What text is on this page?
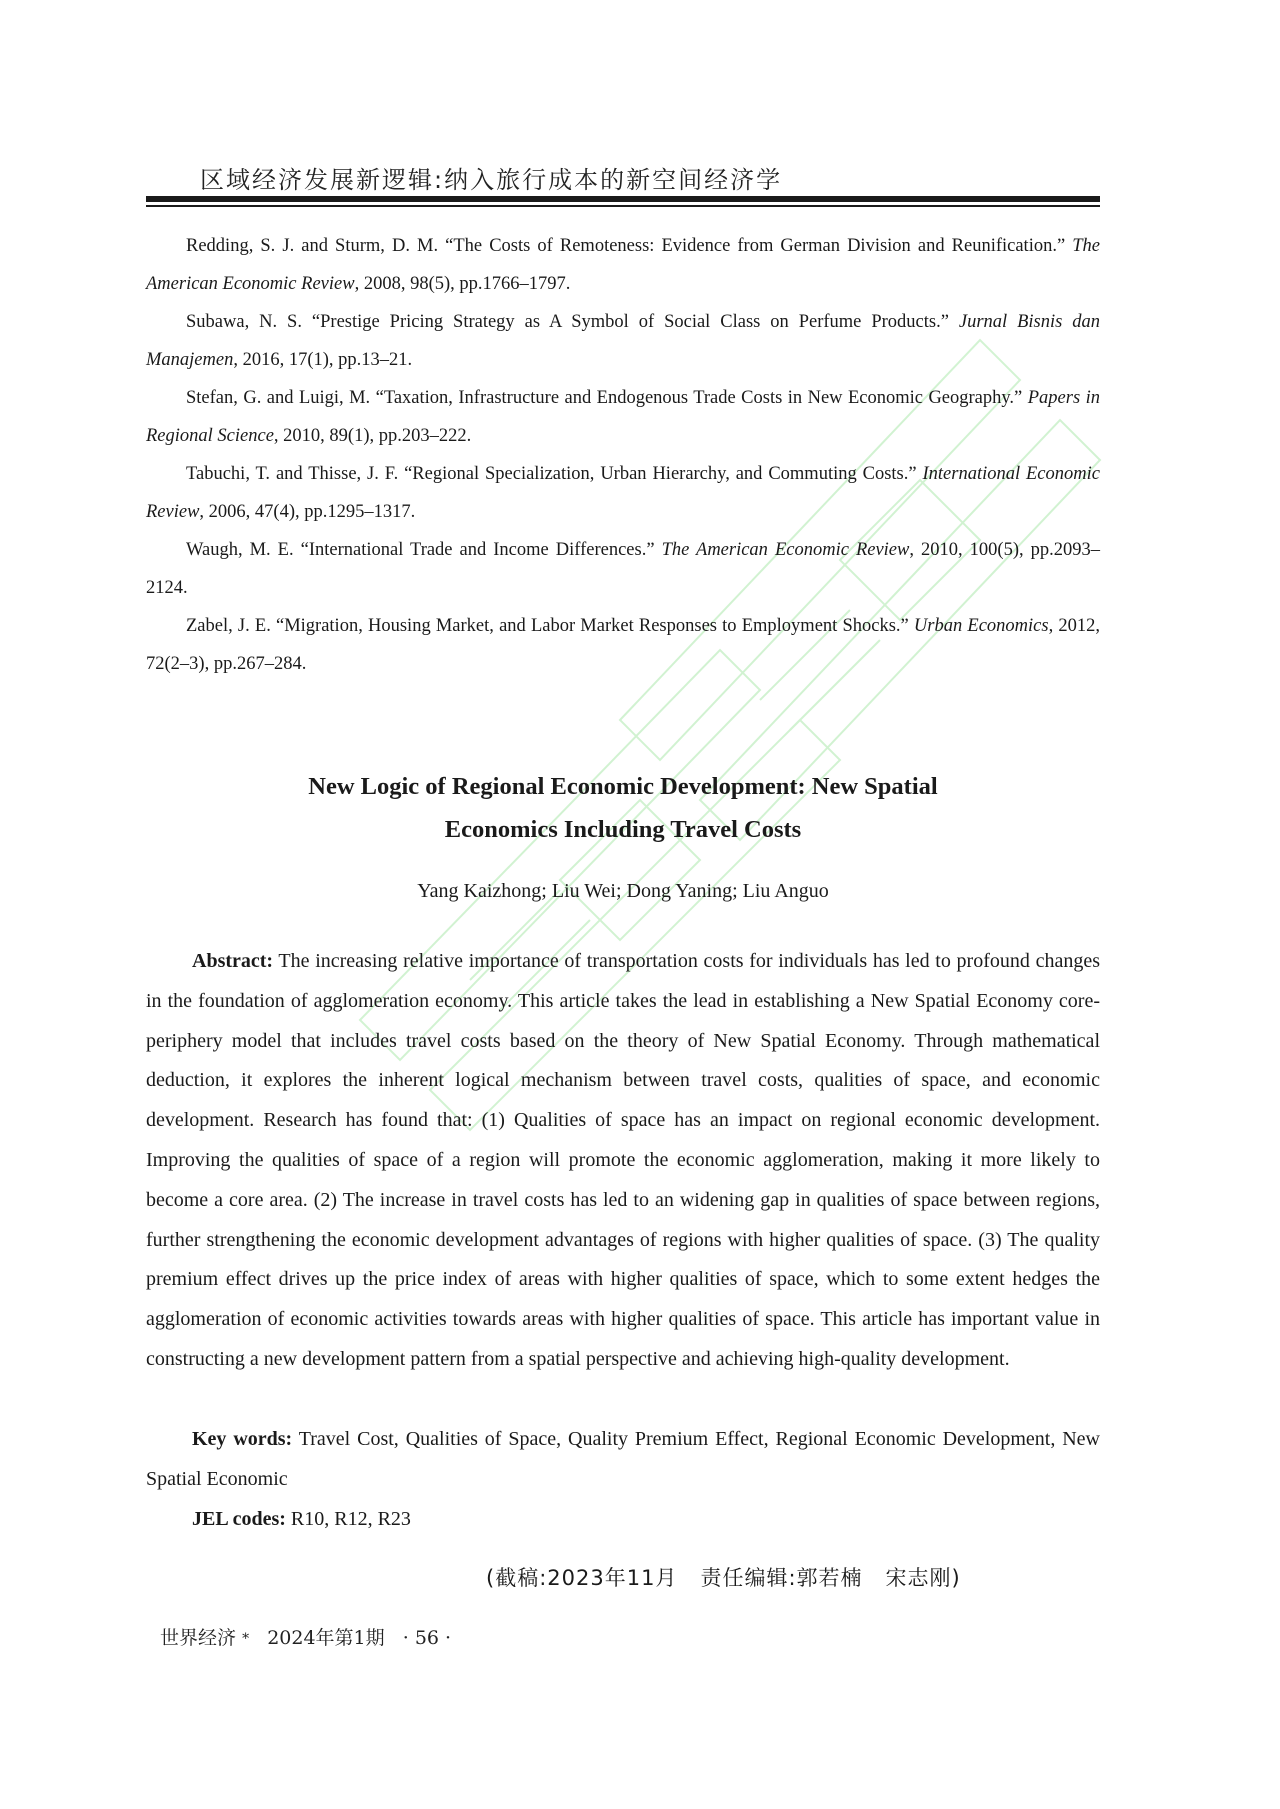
区域经济发展新逻辑:纳入旅行成本的新空间经济学

Redding, S. J. and Sturm, D. M. “The Costs of Remoteness: Evidence from German Division and Reunification.” The American Economic Review, 2008, 98(5), pp.1766–1797.

Subawa, N. S. “Prestige Pricing Strategy as A Symbol of Social Class on Perfume Products.” Jurnal Bisnis dan Manajemen, 2016, 17(1), pp.13–21.

Stefan, G. and Luigi, M. “Taxation, Infrastructure and Endogenous Trade Costs in New Economic Geography.” Papers in Regional Science, 2010, 89(1), pp.203–222.

Tabuchi, T. and Thisse, J. F. “Regional Specialization, Urban Hierarchy, and Commuting Costs.” International Economic Review, 2006, 47(4), pp.1295–1317.

Waugh, M. E. “International Trade and Income Differences.” The American Economic Review, 2010, 100(5), pp.2093–2124.

Zabel, J. E. “Migration, Housing Market, and Labor Market Responses to Employment Shocks.” Urban Economics, 2012, 72(2–3), pp.267–284.

New Logic of Regional Economic Development: New Spatial
Economics Including Travel Costs
Yang Kaizhong; Liu Wei; Dong Yaning; Liu Anguo

Abstract: The increasing relative importance of transportation costs for individuals has led to profound changes in the foundation of agglomeration economy. This article takes the lead in establishing a New Spatial Economy core-periphery model that includes travel costs based on the theory of New Spatial Economy. Through mathematical deduction, it explores the inherent logical mechanism between travel costs, qualities of space, and economic development. Research has found that: (1) Qualities of space has an impact on regional economic development. Improving the qualities of space of a region will promote the economic agglomeration, making it more likely to become a core area. (2) The increase in travel costs has led to an widening gap in qualities of space between regions, further strengthening the economic development advantages of regions with higher qualities of space. (3) The quality premium effect drives up the price index of areas with higher qualities of space, which to some extent hedges the agglomeration of economic activities towards areas with higher qualities of space. This article has important value in constructing a new development pattern from a spatial perspective and achieving high-quality development.

Key words: Travel Cost, Qualities of Space, Quality Premium Effect, Regional Economic Development, New Spatial Economic

JEL codes: R10, R12, R23
(截稿:2023年11月   责任编辑:郭若楠   宋志刚)
世界经济 * 2024年第1期 · 56 ·
